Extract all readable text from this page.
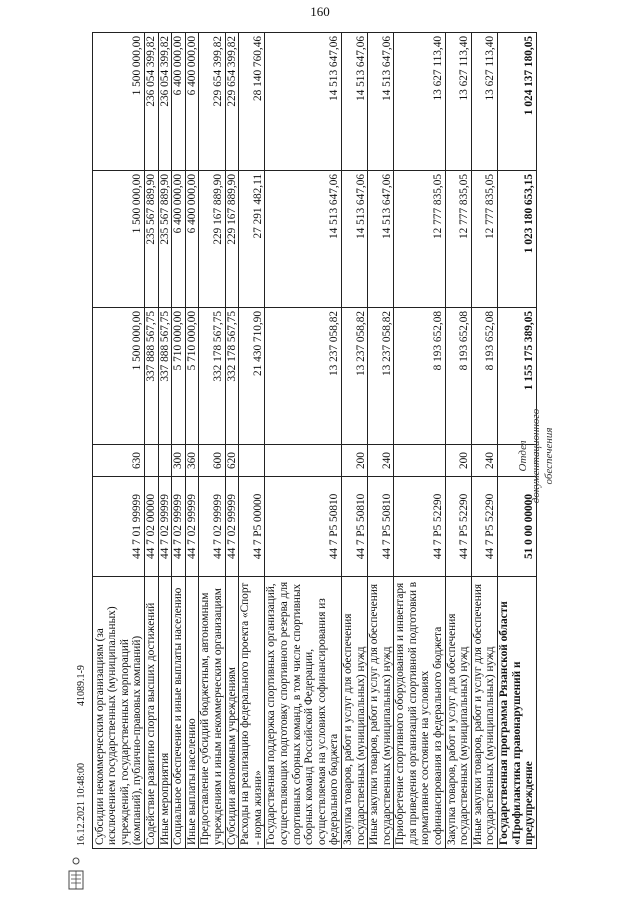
160
Субсидии некоммерческим организациям (за исключением государственных (муниципальных) учреждений, государственных корпораций (компаний), публично-правовых компаний)	44 7 01 99999	630	1 500 000,00	1 500 000,00	1 500 000,00
Содействие развитию спорта высших достижений	44 7 02 00000		337 888 567,75	235 567 889,90	236 054 399,82
Иные мероприятия	44 7 02 99999		337 888 567,75	235 567 889,90	236 054 399,82
Социальное обеспечение и иные выплаты населению	44 7 02 99999	300	5 710 000,00	6 400 000,00	6 400 000,00
Иные выплаты населению	44 7 02 99999	360	5 710 000,00	6 400 000,00	6 400 000,00
Предоставление субсидий бюджетным, автономным учреждениям и иным некоммерческим организациям	44 7 02 99999	600	332 178 567,75	229 167 889,90	229 654 399,82
Субсидии автономным учреждениям	44 7 02 99999	620	332 178 567,75	229 167 889,90	229 654 399,82
Расходы на реализацию федерального проекта «Спорт - норма жизни»	44 7 P5 00000		21 430 710,90	27 291 482,11	28 140 760,46
Государственная поддержка спортивных организаций, осуществляющих подготовку спортивного резерва для спортивных сборных команд, в том числе спортивных сборных команд Российской Федерации, осуществляемая на условиях софинансирования из федерального бюджета	44 7 P5 50810		13 237 058,82	14 513 647,06	14 513 647,06
Закупка товаров, работ и услуг для обеспечения государственных (муниципальных) нужд	44 7 P5 50810	200	13 237 058,82	14 513 647,06	14 513 647,06
Иные закупки товаров, работ и услуг для обеспечения государственных (муниципальных) нужд	44 7 P5 50810	240	13 237 058,82	14 513 647,06	14 513 647,06
Приобретение спортивного оборудования и инвентаря для приведения организаций спортивной подготовки в нормативное состояние на условиях софинансирования из федерального бюджета	44 7 P5 52290		8 193 652,08	12 777 835,05	13 627 113,40
Закупка товаров, работ и услуг для обеспечения государственных (муниципальных) нужд	44 7 P5 52290	200	8 193 652,08	12 777 835,05	13 627 113,40
Иные закупки товаров, работ и услуг для обеспечения государственных (муниципальных) нужд	44 7 P5 52290	240	8 193 652,08	12 777 835,05	13 627 113,40
Государственная программа Рязанской области «Профилактика правонарушений и предупреждение	51 0 00 00000		1 155 175 389,05	1 023 180 653,15	1 024 137 180,05
Отдел документационного обеспечения
16.12.2021 10:48:00
41089.1-9
